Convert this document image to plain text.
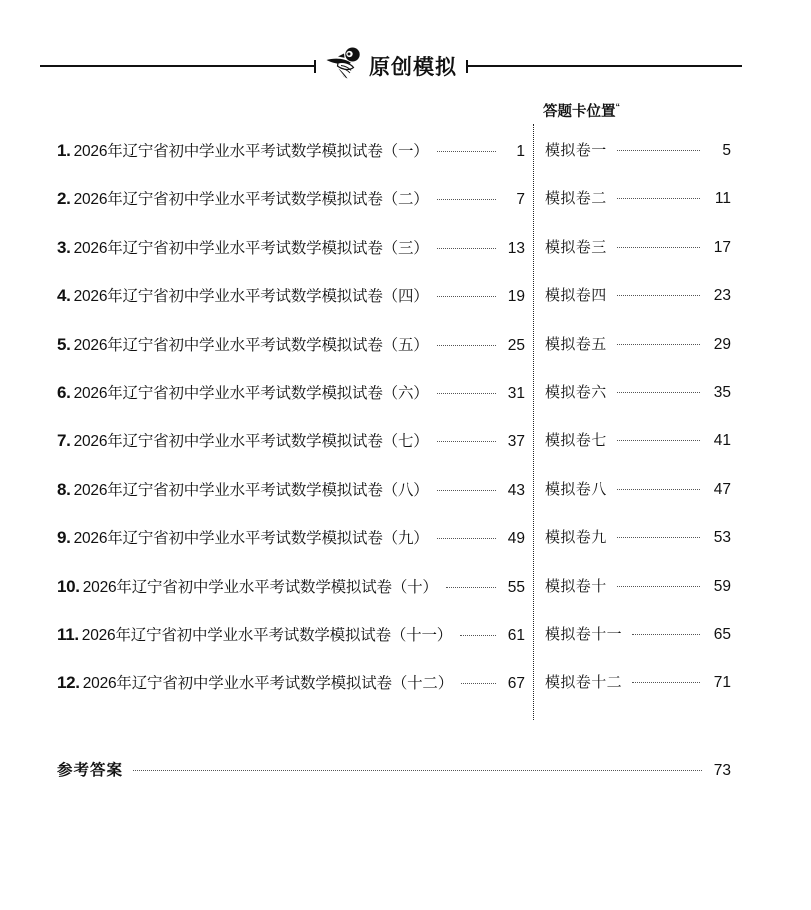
原创模拟
答题卡位置“
1. 2026年辽宁省初中学业水平考试数学模拟试卷（一）	1 模拟卷一	5
2. 2026年辽宁省初中学业水平考试数学模拟试卷（二）	7 模拟卷二	11
3. 2026年辽宁省初中学业水平考试数学模拟试卷（三）	13 模拟卷三	17
4. 2026年辽宁省初中学业水平考试数学模拟试卷（四）	19 模拟卷四	23
5. 2026年辽宁省初中学业水平考试数学模拟试卷（五）	25 模拟卷五	29
6. 2026年辽宁省初中学业水平考试数学模拟试卷（六）	31 模拟卷六	35
7. 2026年辽宁省初中学业水平考试数学模拟试卷（七）	37 模拟卷七	41
8. 2026年辽宁省初中学业水平考试数学模拟试卷（八）	43 模拟卷八	47
9. 2026年辽宁省初中学业水平考试数学模拟试卷（九）	49 模拟卷九	53
10. 2026年辽宁省初中学业水平考试数学模拟试卷（十）	55 模拟卷十	59
11. 2026年辽宁省初中学业水平考试数学模拟试卷（十一）	61 模拟卷十一	65
12. 2026年辽宁省初中学业水平考试数学模拟试卷（十二）	67 模拟卷十二	71
参考答案	73
